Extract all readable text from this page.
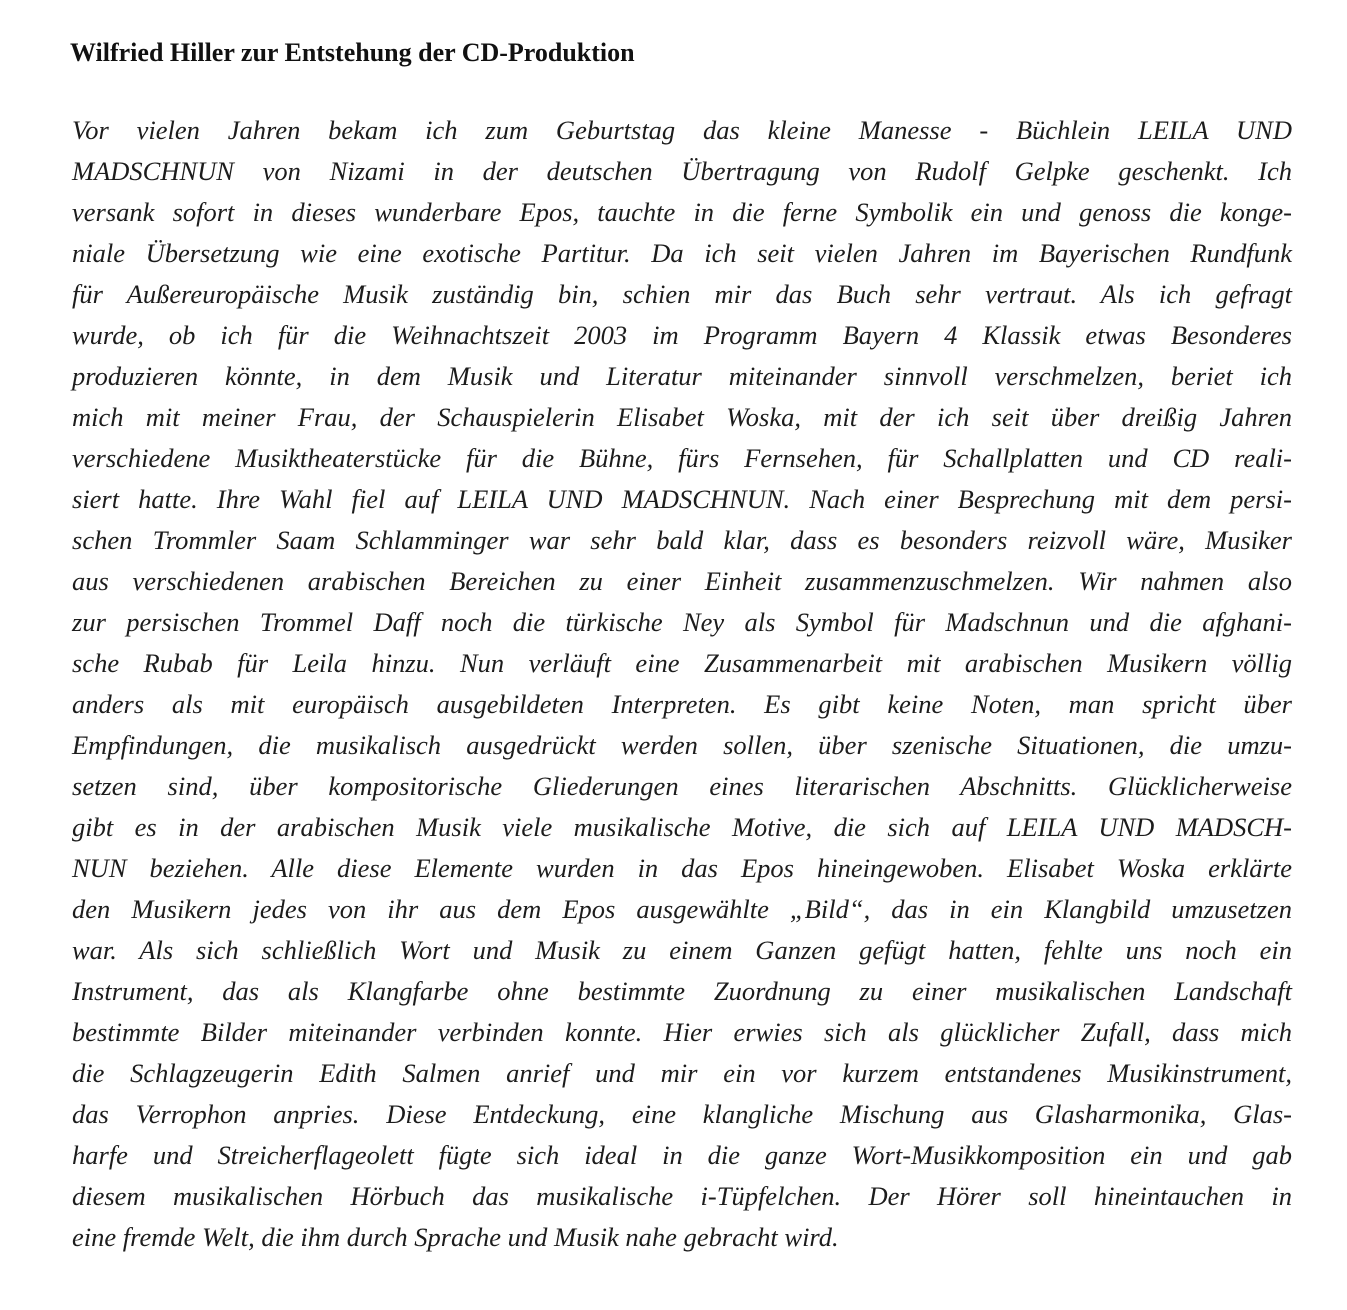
Wilfried Hiller zur Entstehung der CD-Produktion
Vor vielen Jahren bekam ich zum Geburtstag das kleine Manesse - Büchlein LEILA UND
MADSCHNUN von Nizami in der deutschen Übertragung von Rudolf Gelpke geschenkt. Ich
versank sofort in dieses wunderbare Epos, tauchte in die ferne Symbolik ein und genoss die konge-
niale Übersetzung wie eine exotische Partitur. Da ich seit vielen Jahren im Bayerischen Rundfunk
für Außereuropäische Musik zuständig bin, schien mir das Buch sehr vertraut. Als ich gefragt
wurde, ob ich für die Weihnachtszeit 2003 im Programm Bayern 4 Klassik etwas Besonderes
produzieren könnte, in dem Musik und Literatur miteinander sinnvoll verschmelzen, beriet ich
mich mit meiner Frau, der Schauspielerin Elisabet Woska, mit der ich seit über dreißig Jahren
verschiedene Musiktheaterstücke für die Bühne, fürs Fernsehen, für Schallplatten und CD reali-
siert hatte. Ihre Wahl fiel auf LEILA UND MADSCHNUN. Nach einer Besprechung mit dem persi-
schen Trommler Saam Schlamminger war sehr bald klar, dass es besonders reizvoll wäre, Musiker
aus verschiedenen arabischen Bereichen zu einer Einheit zusammenzuschmelzen. Wir nahmen also
zur persischen Trommel Daff noch die türkische Ney als Symbol für Madschnun und die afghani-
sche Rubab für Leila hinzu. Nun verläuft eine Zusammenarbeit mit arabischen Musikern völlig
anders als mit europäisch ausgebildeten Interpreten. Es gibt keine Noten, man spricht über
Empfindungen, die musikalisch ausgedrückt werden sollen, über szenische Situationen, die umzu-
setzen sind, über kompositorische Gliederungen eines literarischen Abschnitts. Glücklicherweise
gibt es in der arabischen Musik viele musikalische Motive, die sich auf LEILA UND MADSCH-
NUN beziehen. Alle diese Elemente wurden in das Epos hineingewoben. Elisabet Woska erklärte
den Musikern jedes von ihr aus dem Epos ausgewählte „Bild“, das in ein Klangbild umzusetzen
war. Als sich schließlich Wort und Musik zu einem Ganzen gefügt hatten, fehlte uns noch ein
Instrument, das als Klangfarbe ohne bestimmte Zuordnung zu einer musikalischen Landschaft
bestimmte Bilder miteinander verbinden konnte. Hier erwies sich als glücklicher Zufall, dass mich
die Schlagzeugerin Edith Salmen anrief und mir ein vor kurzem entstandenes Musikinstrument,
das Verrophon anpries. Diese Entdeckung, eine klangliche Mischung aus Glasharmonika, Glas-
harfe und Streicherflageolett fügte sich ideal in die ganze Wort-Musikkomposition ein und gab
diesem musikalischen Hörbuch das musikalische i-Tüpfelchen. Der Hörer soll hineintauchen in
eine fremde Welt, die ihm durch Sprache und Musik nahe gebracht wird.
